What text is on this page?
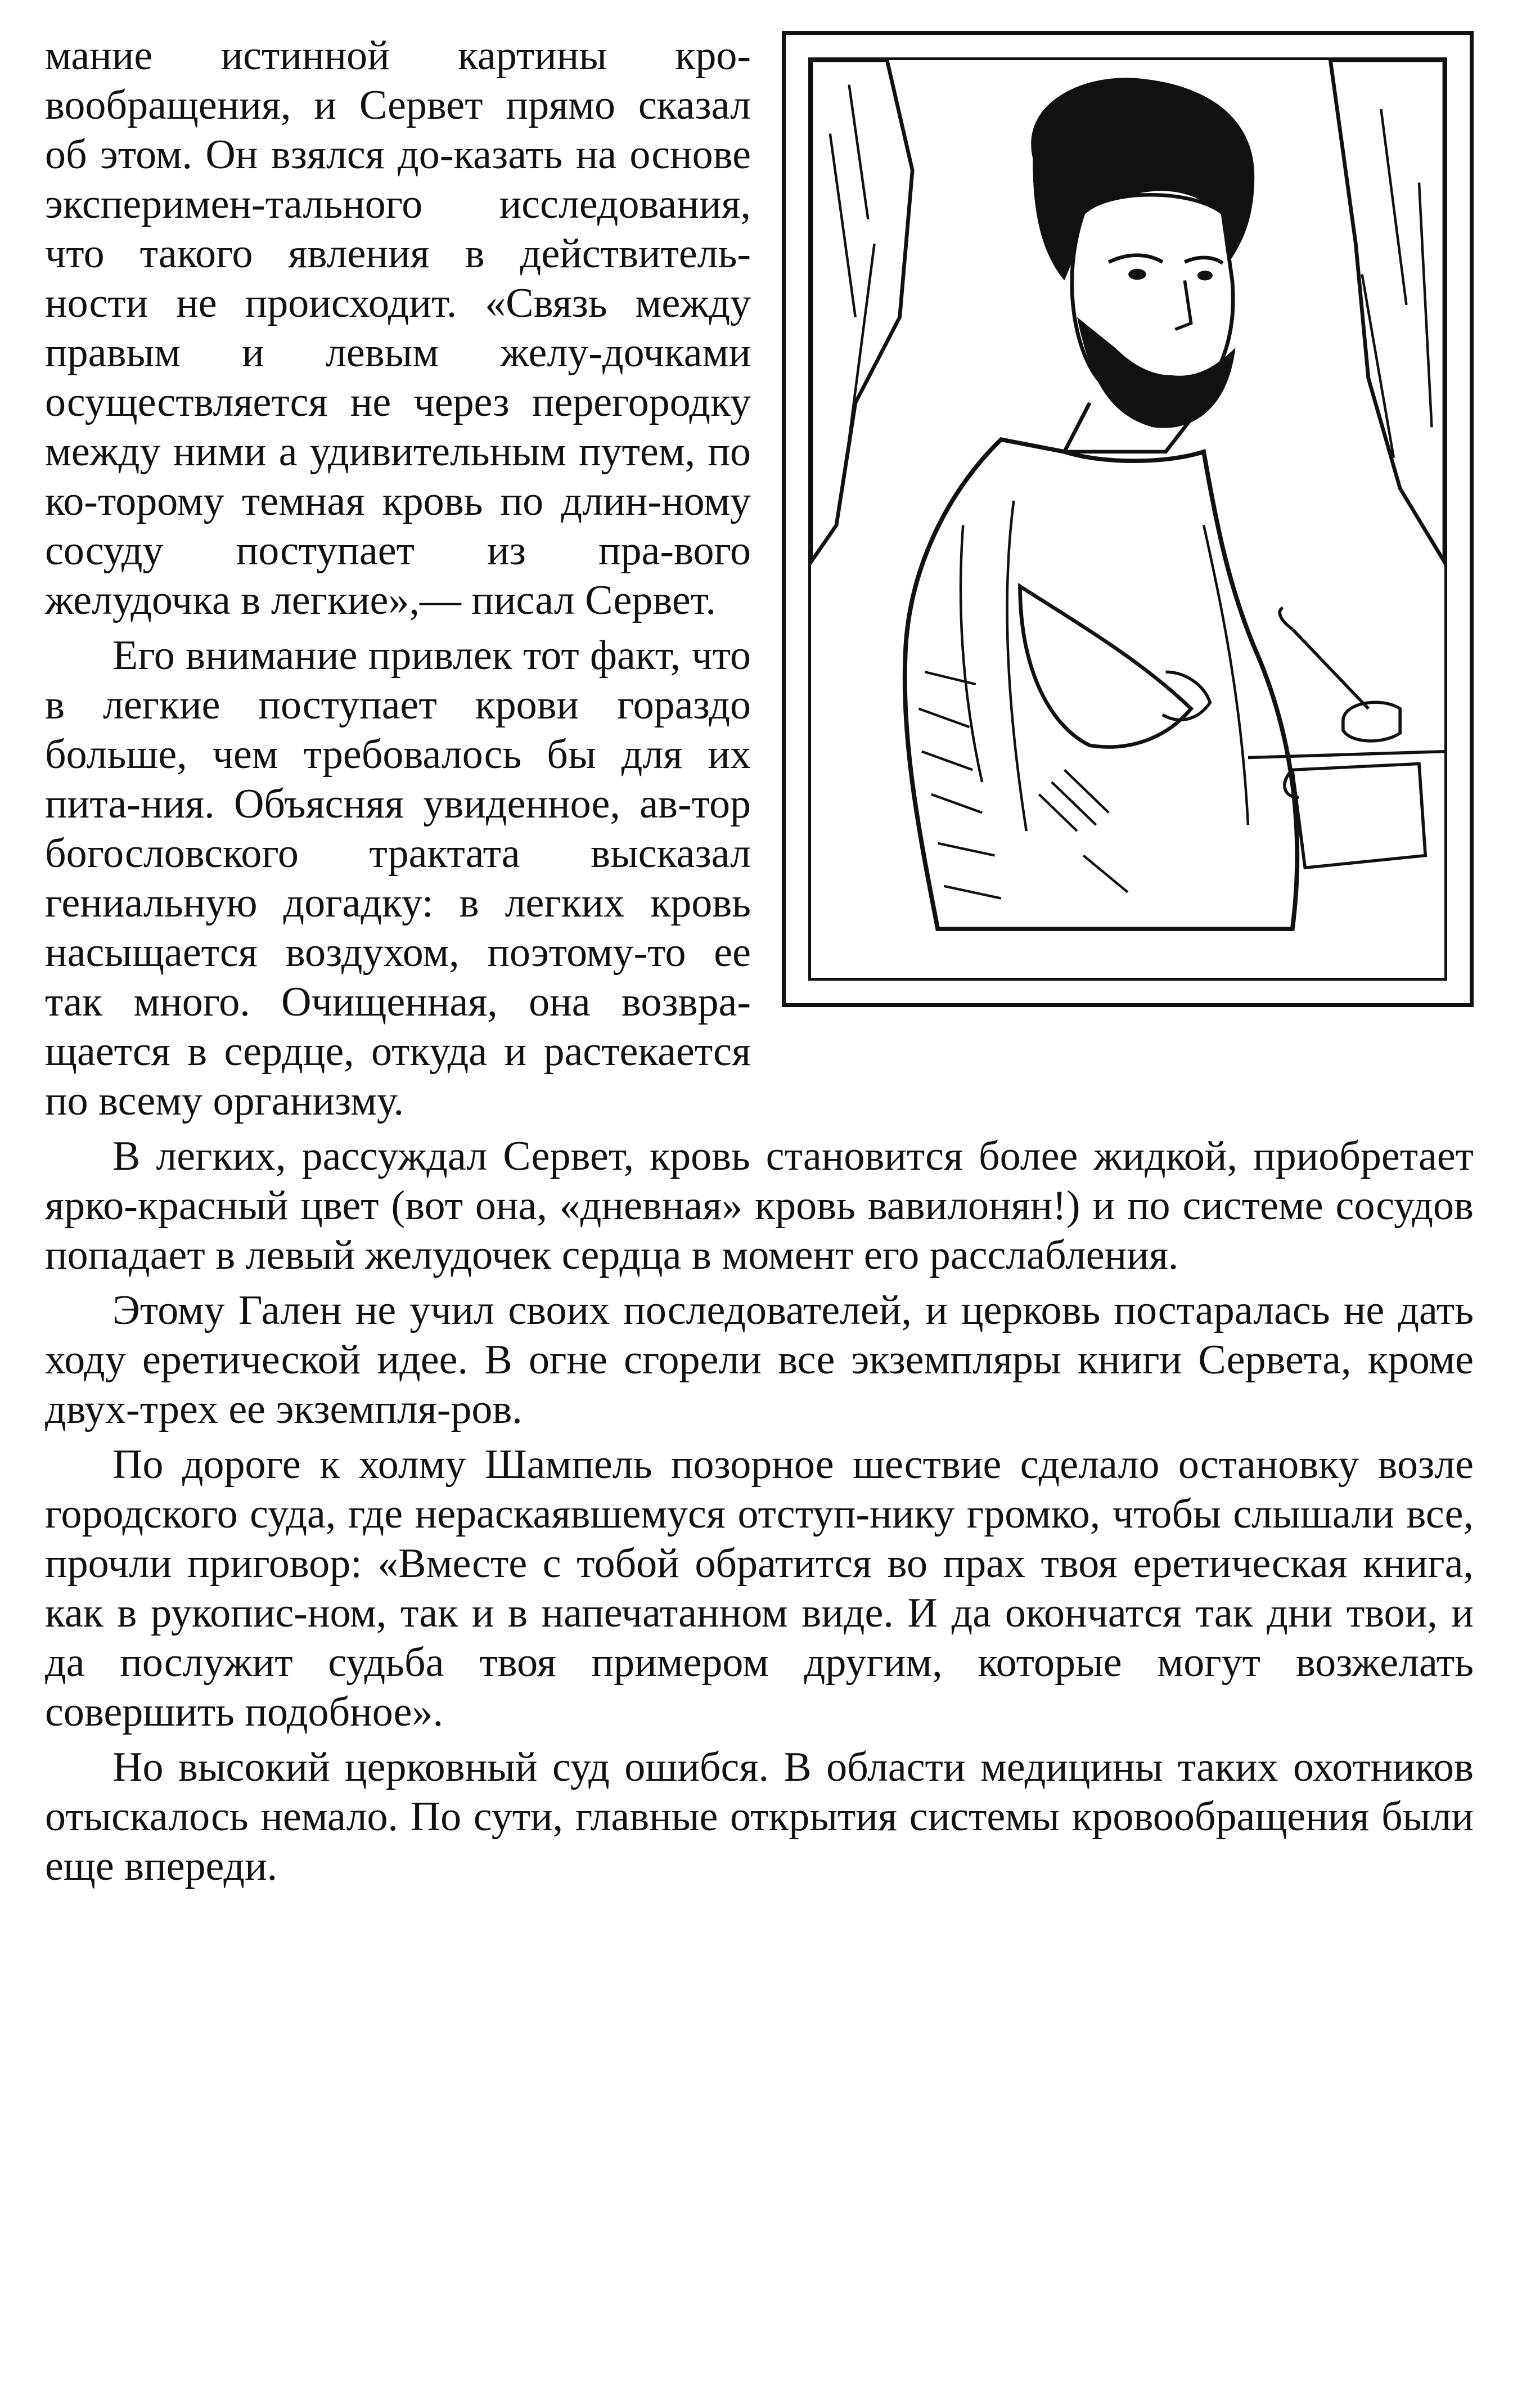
мание истинной картины кро-вообращения, и Сервет прямо сказал об этом. Он взялся до-казать на основе эксперимен-тального исследования, что такого явления в действитель-ности не происходит. «Связь между правым и левым желу-дочками осуществляется не через перегородку между ними а удивительным путем, по ко-торому темная кровь по длин-ному сосуду поступает из пра-вого желудочка в легкие»,— писал Сервет.

Его внимание привлек тот факт, что в легкие поступает крови гораздо больше, чем требовалось бы для их пита-ния. Объясняя увиденное, ав-тор богословского трактата высказал гениальную догадку: в легких кровь насыщается воздухом, поэтому-то ее так много. Очищенная, она возвра-щается в сердце, откуда и растекается по всему организму.

В легких, рассуждал Сервет, кровь становится более жидкой, приобретает ярко-красный цвет (вот она, «дневная» кровь вавилонян!) и по системе сосудов попадает в левый желудочек сердца в момент его расслабления.

Этому Гален не учил своих последователей, и церковь постаралась не дать ходу еретической идее. В огне сгорели все экземпляры книги Сервета, кроме двух-трех ее экземпля-ров.

По дороге к холму Шампель позорное шествие сделало остановку возле городского суда, где нераскаявшемуся отступ-нику громко, чтобы слышали все, прочли приговор: «Вместе с тобой обратится во прах твоя еретическая книга, как в рукопис-ном, так и в напечатанном виде. И да окончатся так дни твои, и да послужит судьба твоя примером другим, которые могут возжелать совершить подобное».

Но высокий церковный суд ошибся. В области медицины таких охотников отыскалось немало. По сути, главные открытия системы кровообращения были еще впереди.
